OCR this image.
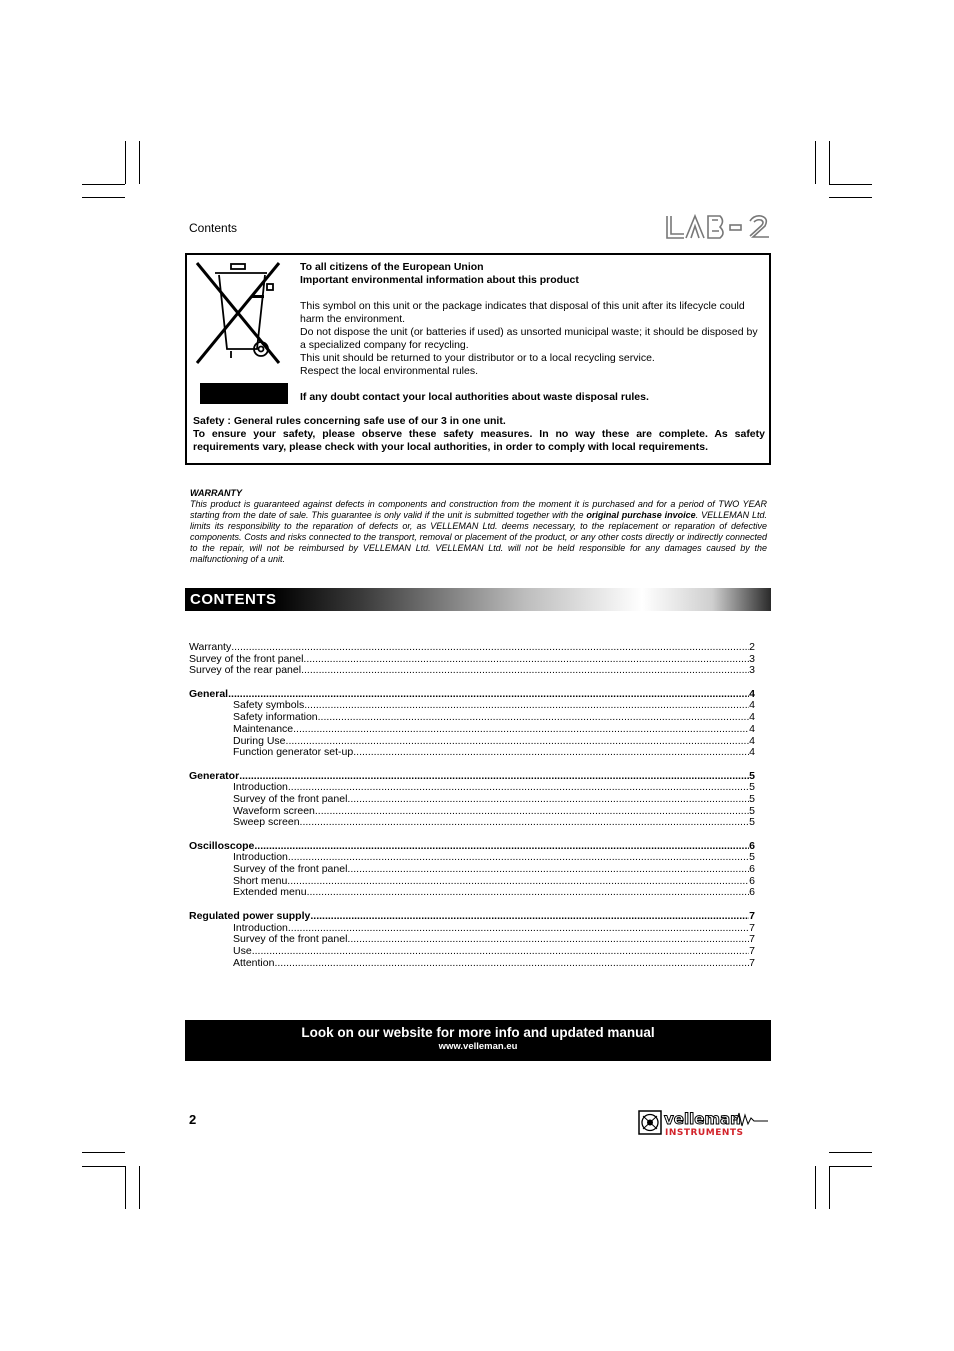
Contents

To all citizens of the European Union

Important environmental information about this product

This symbol on this unit or the package indicates that disposal of this unit after its lifecycle could harm the environment.

Do not dispose the unit (or batteries if used) as unsorted municipal waste; it should be disposed by a specialized company for recycling.

This unit should be returned to your distributor or to a local recycling service.

Respect the local environmental rules.

If any doubt contact your local authorities about waste disposal rules.

Safety : General rules concerning safe use of our 3 in one unit.

To ensure your safety, please observe these safety measures. In no way these are complete. As safety requirements vary, please check with your local authorities, in order to comply with local requirements.

WARRANTY
This product is guaranteed against defects in components and construction from the moment it is purchased and for a period of TWO YEAR starting from the date of sale. This guarantee is only valid if the unit is submitted together with the original purchase invoice. VELLEMAN Ltd. limits its responsibility to the reparation of defects or, as VELLEMAN Ltd. deems necessary, to the replacement or reparation of defective components. Costs and risks connected to the transport, removal or placement of the product, or any other costs directly or indirectly connected to the repair, will not be reimbursed by VELLEMAN Ltd. VELLEMAN Ltd. will not be held responsible for any damages caused by the malfunctioning of a unit.
CONTENTS
Warranty .....	2
Survey of the front panel .....	3
Survey of the rear panel .....	3
General .....	4
Safety symbols .....	4
Safety information .....	4
Maintenance .....	4
During Use .....	4
Function generator set-up .....	4
Generator .....	5
Introduction .....	5
Survey of the front panel .....	5
Waveform screen .....	5
Sweep screen .....	5
Oscilloscope .....	6
Introduction .....	5
Survey of the front panel .....	6
Short menu .....	6
Extended menu .....	6
Regulated power supply .....	7
Introduction .....	7
Survey of the front panel .....	7
Use .....	7
Attention .....	7
Look on our website for more info and updated manual
www.velleman.eu
2	velleman
INSTRUMENTS
